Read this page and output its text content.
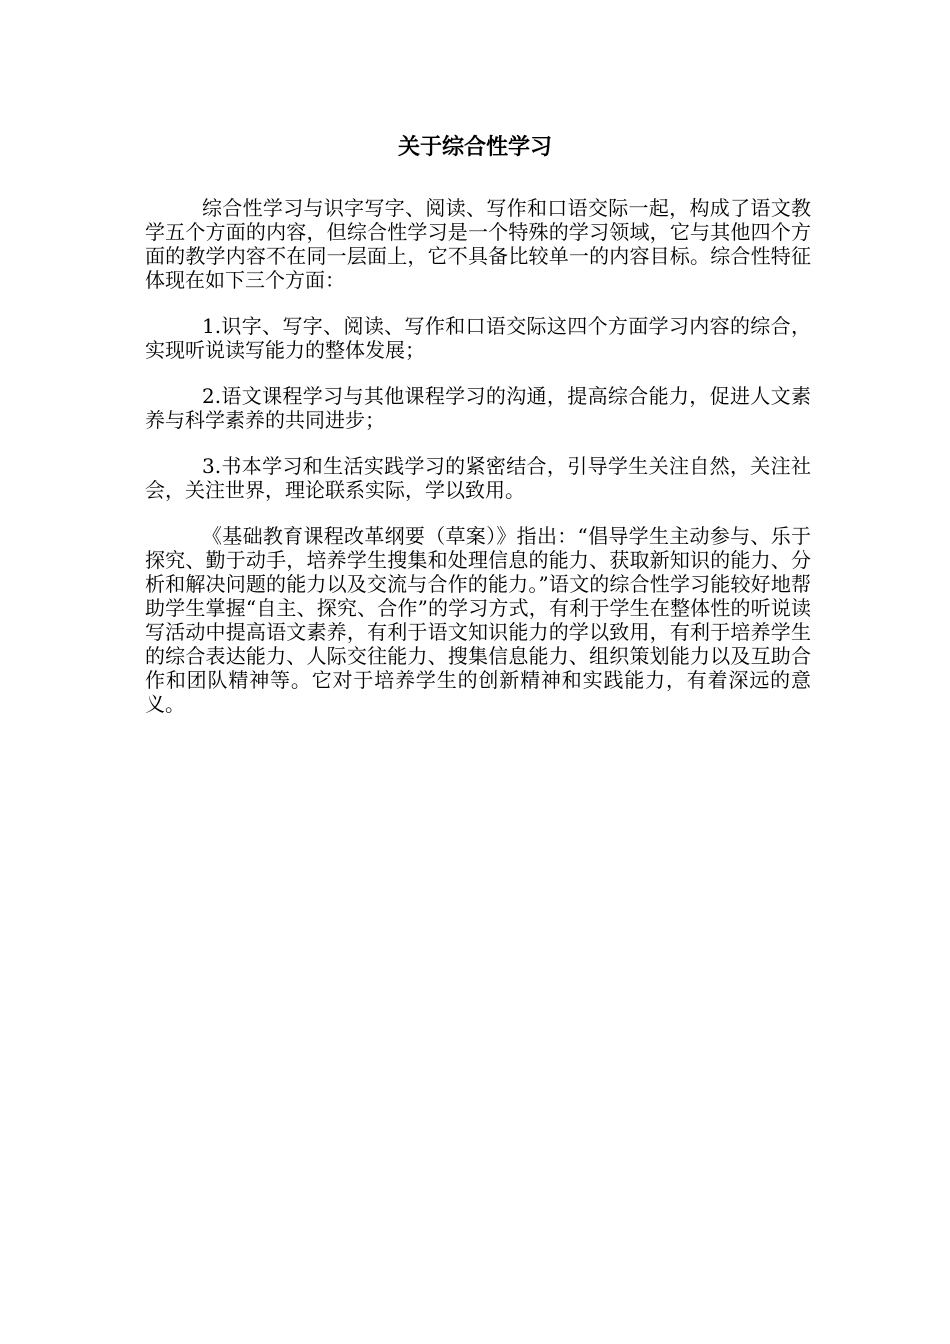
关于综合性学习

综合性学习与识字写字、阅读、写作和口语交际一起，构成了语文教学五个方面的内容，但综合性学习是一个特殊的学习领域，它与其他四个方面的教学内容不在同一层面上，它不具备比较单一的内容目标。综合性特征体现在如下三个方面：

1.识字、写字、阅读、写作和口语交际这四个方面学习内容的综合，实现听说读写能力的整体发展；

2.语文课程学习与其他课程学习的沟通，提高综合能力，促进人文素养与科学素养的共同进步；

3.书本学习和生活实践学习的紧密结合，引导学生关注自然，关注社会，关注世界，理论联系实际，学以致用。

《基础教育课程改革纲要（草案）》指出：“倡导学生主动参与、乐于探究、勤于动手，培养学生搜集和处理信息的能力、获取新知识的能力、分析和解决问题的能力以及交流与合作的能力。”语文的综合性学习能较好地帮助学生掌握“自主、探究、合作”的学习方式，有利于学生在整体性的听说读写活动中提高语文素养，有利于语文知识能力的学以致用，有利于培养学生的综合表达能力、人际交往能力、搜集信息能力、组织策划能力以及互助合作和团队精神等。它对于培养学生的创新精神和实践能力，有着深远的意义。
